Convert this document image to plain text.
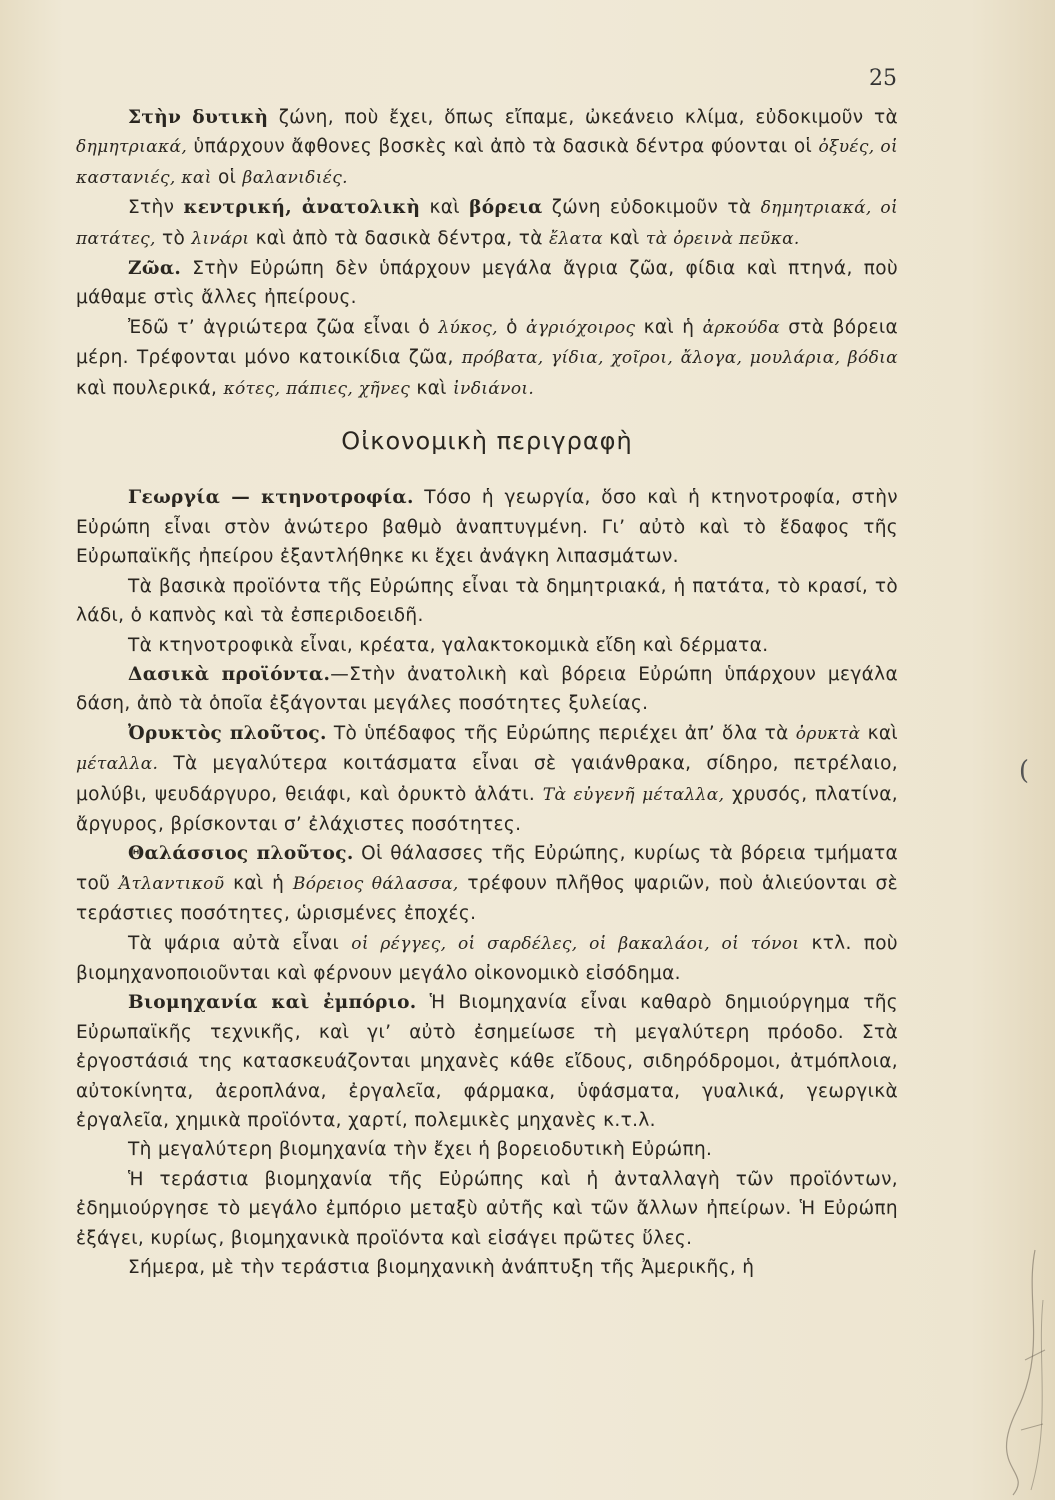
25

Στὴν δυτικὴ ζώνη, ποὺ ἔχει, ὅπως εἴπαμε, ὠκεάνειο κλίμα, εὐδοκιμοῦν τὰ δημητριακά, ὑπάρχουν ἄφθονες βοσκὲς καὶ ἀπὸ τὰ δασικὰ δέντρα φύονται οἱ ὀξυές, οἱ καστανιές, καὶ οἱ βαλανιδιές.

Στὴν κεντρική, ἀνατολικὴ καὶ βόρεια ζώνη εὐδοκιμοῦν τὰ δημητριακά, οἱ πατάτες, τὸ λινάρι καὶ ἀπὸ τὰ δασικὰ δέντρα, τὰ ἔλατα καὶ τὰ ὀρεινὰ πεῦκα.

Ζῶα. Στὴν Εὐρώπη δὲν ὑπάρχουν μεγάλα ἄγρια ζῶα, φίδια καὶ πτηνά, ποὺ μάθαμε στὶς ἄλλες ἠπείρους.

Ἐδῶ τ’ ἀγριώτερα ζῶα εἶναι ὁ λύκος, ὁ ἀγριόχοιρος καὶ ἡ ἀρκούδα στὰ βόρεια μέρη. Τρέφονται μόνο κατοικίδια ζῶα, πρόβατα, γίδια, χοῖροι, ἄλογα, μουλάρια, βόδια καὶ πουλερικά, κότες, πάπιες, χῆνες καὶ ἰνδιάνοι.

Οἰκονομικὴ περιγραφὴ

Γεωργία — κτηνοτροφία. Τόσο ἡ γεωργία, ὅσο καὶ ἡ κτηνοτροφία, στὴν Εὐρώπη εἶναι στὸν ἀνώτερο βαθμὸ ἀναπτυγμένη. Γι’ αὐτὸ καὶ τὸ ἔδαφος τῆς Εὐρωπαϊκῆς ἠπείρου ἐξαντλήθηκε κι ἔχει ἀνάγκη λιπασμάτων.

Τὰ βασικὰ προϊόντα τῆς Εὐρώπης εἶναι τὰ δημητριακά, ἡ πατάτα, τὸ κρασί, τὸ λάδι, ὁ καπνὸς καὶ τὰ ἐσπεριδοειδῆ.

Τὰ κτηνοτροφικὰ εἶναι, κρέατα, γαλακτοκομικὰ εἴδη καὶ δέρματα.

Δασικὰ προϊόντα.—Στὴν ἀνατολικὴ καὶ βόρεια Εὐρώπη ὑπάρχουν μεγάλα δάση, ἀπὸ τὰ ὁποῖα ἐξάγονται μεγάλες ποσότητες ξυλείας.

Ὀρυκτὸς πλοῦτος. Τὸ ὑπέδαφος τῆς Εὐρώπης περιέχει ἀπ’ ὅλα τὰ ὀρυκτὰ καὶ μέταλλα. Τὰ μεγαλύτερα κοιτάσματα εἶναι σὲ γαιάνθρακα, σίδηρο, πετρέλαιο, μολύβι, ψευδάργυρο, θειάφι, καὶ ὀρυκτὸ ἁλάτι. Τὰ εὐγενῆ μέταλλα, χρυσός, πλατίνα, ἄργυρος, βρίσκονται σ’ ἐλάχιστες ποσότητες.

Θαλάσσιος πλοῦτος. Οἱ θάλασσες τῆς Εὐρώπης, κυρίως τὰ βόρεια τμήματα τοῦ Ἀτλαντικοῦ καὶ ἡ Βόρειος θάλασσα, τρέφουν πλῆθος ψαριῶν, ποὺ ἁλιεύονται σὲ τεράστιες ποσότητες, ὡρισμένες ἐποχές.

Τὰ ψάρια αὐτὰ εἶναι οἱ ρέγγες, οἱ σαρδέλες, οἱ βακαλάοι, οἱ τόνοι κτλ. ποὺ βιομηχανοποιοῦνται καὶ φέρνουν μεγάλο οἰκονομικὸ εἰσόδημα.

Βιομηχανία καὶ ἐμπόριο. Ἡ Βιομηχανία εἶναι καθαρὸ δημιούργημα τῆς Εὐρωπαϊκῆς τεχνικῆς, καὶ γι’ αὐτὸ ἐσημείωσε τὴ μεγαλύτερη πρόοδο. Στὰ ἐργοστάσιά της κατασκευάζονται μηχανὲς κάθε εἴδους, σιδηρόδρομοι, ἀτμόπλοια, αὐτοκίνητα, ἀεροπλάνα, ἐργαλεῖα, φάρμακα, ὑφάσματα, γυαλικά, γεωργικὰ ἐργαλεῖα, χημικὰ προϊόντα, χαρτί, πολεμικὲς μηχανὲς κ.τ.λ.

Τὴ μεγαλύτερη βιομηχανία τὴν ἔχει ἡ βορειοδυτικὴ Εὐρώπη.

Ἡ τεράστια βιομηχανία τῆς Εὐρώπης καὶ ἡ ἀνταλλαγὴ τῶν προϊόντων, ἐδημιούργησε τὸ μεγάλο ἐμπόριο μεταξὺ αὐτῆς καὶ τῶν ἄλλων ἠπείρων. Ἡ Εὐρώπη ἐξάγει, κυρίως, βιομηχανικὰ προϊόντα καὶ εἰσάγει πρῶτες ὕλες.

Σήμερα, μὲ τὴν τεράστια βιομηχανικὴ ἀνάπτυξη τῆς Ἀμερικῆς, ἡ

(
